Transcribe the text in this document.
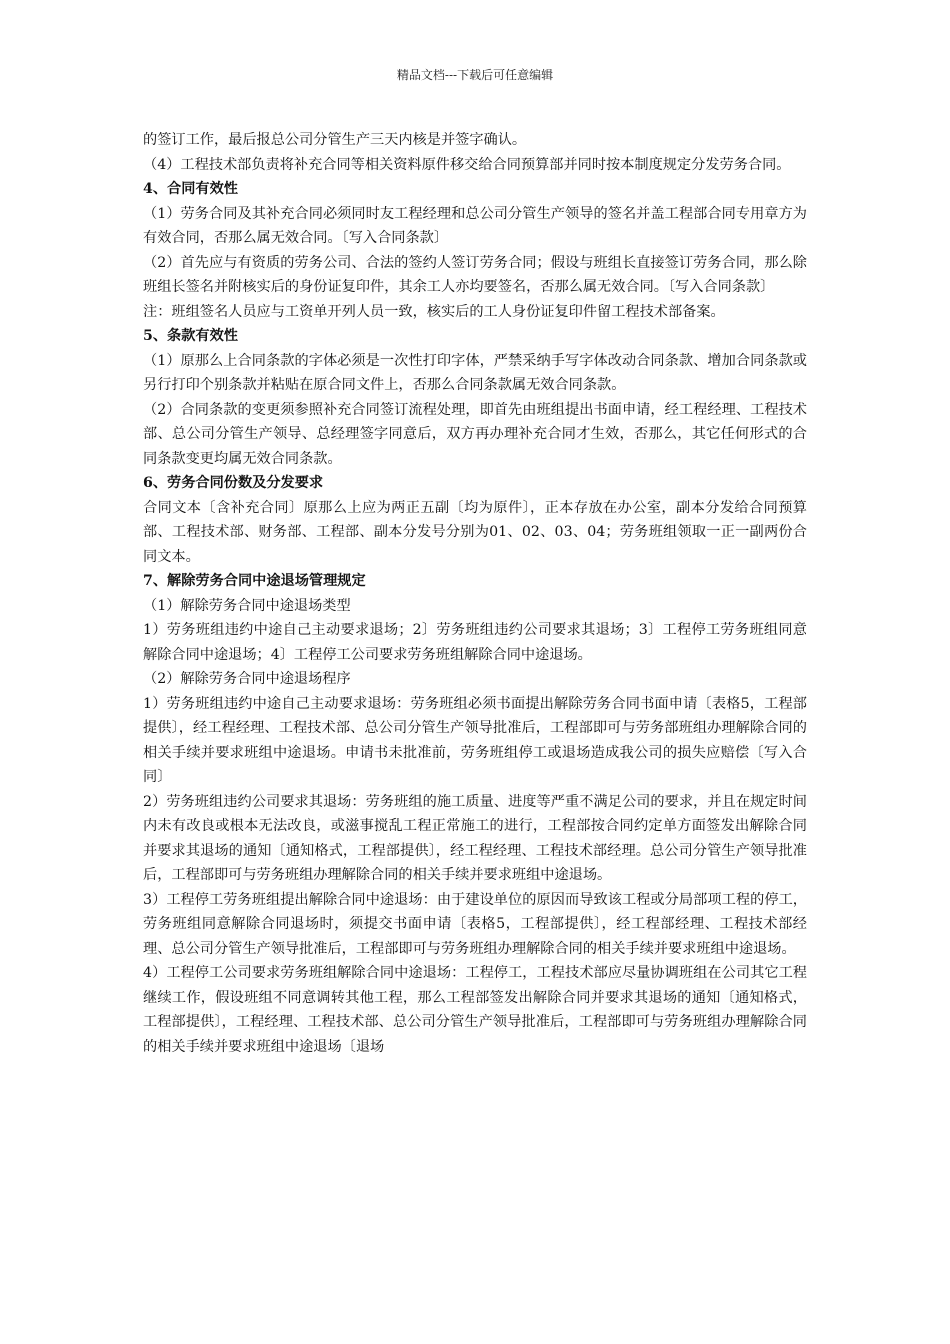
精品文档---下载后可任意编辑

的签订工作，最后报总公司分管生产三天内核是并签字确认。

（4）工程技术部负责将补充合同等相关资料原件移交给合同预算部并同时按本制度规定分发劳务合同。

4、合同有效性

（1）劳务合同及其补充合同必须同时友工程经理和总公司分管生产领导的签名并盖工程部合同专用章方为有效合同，否那么属无效合同。〔写入合同条款〕

（2）首先应与有资质的劳务公司、合法的签约人签订劳务合同；假设与班组长直接签订劳务合同，那么除班组长签名并附核实后的身份证复印件，其余工人亦均要签名，否那么属无效合同。〔写入合同条款〕

注：班组签名人员应与工资单开列人员一致，核实后的工人身份证复印件留工程技术部备案。

5、条款有效性

（1）原那么上合同条款的字体必须是一次性打印字体，严禁采纳手写字体改动合同条款、增加合同条款或另行打印个别条款并粘贴在原合同文件上，否那么合同条款属无效合同条款。

（2）合同条款的变更须参照补充合同签订流程处理，即首先由班组提出书面申请，经工程经理、工程技术部、总公司分管生产领导、总经理签字同意后，双方再办理补充合同才生效，否那么，其它任何形式的合同条款变更均属无效合同条款。

6、劳务合同份数及分发要求

合同文本〔含补充合同〕原那么上应为两正五副〔均为原件〕，正本存放在办公室，副本分发给合同预算部、工程技术部、财务部、工程部、副本分发号分别为01、02、03、04；劳务班组领取一正一副两份合同文本。

7、解除劳务合同中途退场管理规定

（1）解除劳务合同中途退场类型

1）劳务班组违约中途自己主动要求退场；2〕劳务班组违约公司要求其退场；3〕工程停工劳务班组同意解除合同中途退场；4〕工程停工公司要求劳务班组解除合同中途退场。

（2）解除劳务合同中途退场程序

1）劳务班组违约中途自己主动要求退场：劳务班组必须书面提出解除劳务合同书面申请〔表格5，工程部提供〕，经工程经理、工程技术部、总公司分管生产领导批准后，工程部即可与劳务部班组办理解除合同的相关手续并要求班组中途退场。申请书未批准前，劳务班组停工或退场造成我公司的损失应赔偿〔写入合同〕

2）劳务班组违约公司要求其退场：劳务班组的施工质量、进度等严重不满足公司的要求，并且在规定时间内未有改良或根本无法改良，或滋事搅乱工程正常施工的进行，工程部按合同约定单方面签发出解除合同并要求其退场的通知〔通知格式，工程部提供〕，经工程经理、工程技术部经理。总公司分管生产领导批准后，工程部即可与劳务班组办理解除合同的相关手续并要求班组中途退场。

3）工程停工劳务班组提出解除合同中途退场：由于建设单位的原因而导致该工程或分局部项工程的停工，劳务班组同意解除合同退场时，须提交书面申请〔表格5，工程部提供〕，经工程部经理、工程技术部经理、总公司分管生产领导批准后，工程部即可与劳务班组办理解除合同的相关手续并要求班组中途退场。

4）工程停工公司要求劳务班组解除合同中途退场：工程停工，工程技术部应尽量协调班组在公司其它工程继续工作，假设班组不同意调转其他工程，那么工程部签发出解除合同并要求其退场的通知〔通知格式，工程部提供〕，工程经理、工程技术部、总公司分管生产领导批准后，工程部即可与劳务班组办理解除合同的相关手续并要求班组中途退场〔退场
